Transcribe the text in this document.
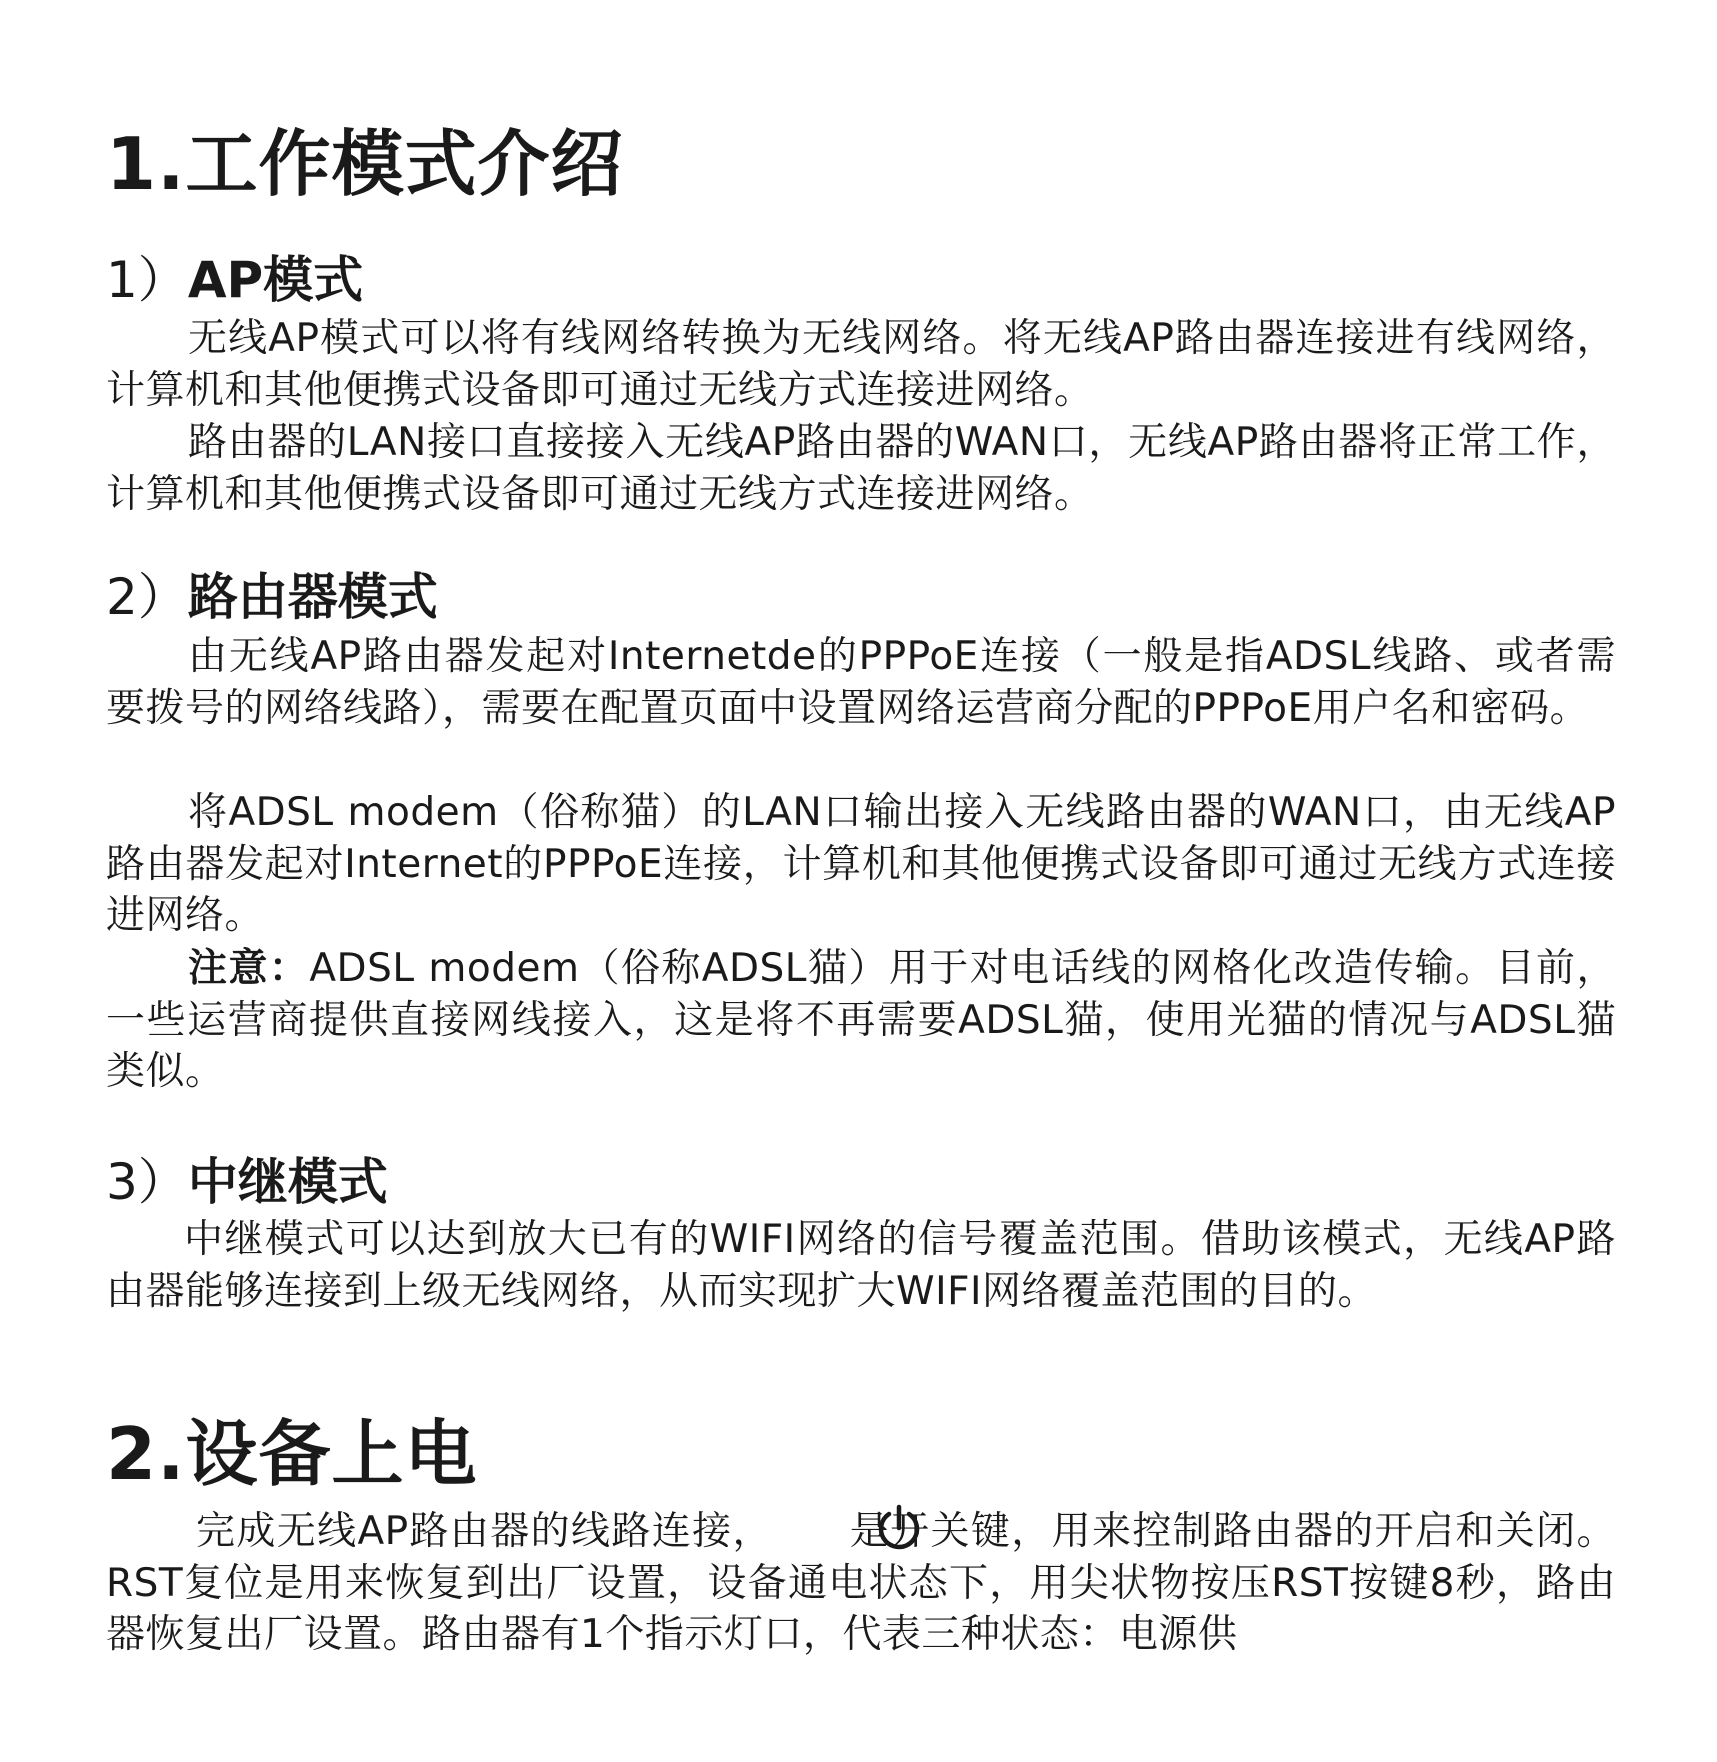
1.工作模式介绍
1）AP模式

无线AP模式可以将有线网络转换为无线网络。将无线AP路由器连接进有线网络，计算机和其他便携式设备即可通过无线方式连接进网络。

路由器的LAN接口直接接入无线AP路由器的WAN口，无线AP路由器将正常工作，计算机和其他便携式设备即可通过无线方式连接进网络。

2）路由器模式

由无线AP路由器发起对Internetde的PPPoE连接（一般是指ADSL线路、或者需要拨号的网络线路），需要在配置页面中设置网络运营商分配的PPPoE用户名和密码。

将ADSL modem（俗称猫）的LAN口输出接入无线路由器的WAN口，由无线AP路由器发起对Internet的PPPoE连接，计算机和其他便携式设备即可通过无线方式连接进网络。

注意：ADSL modem（俗称ADSL猫）用于对电话线的网格化改造传输。目前，一些运营商提供直接网线接入，这是将不再需要ADSL猫，使用光猫的情况与ADSL猫类似。

3）中继模式

中继模式可以达到放大已有的WIFI网络的信号覆盖范围。借助该模式，无线AP路由器能够连接到上级无线网络，从而实现扩大WIFI网络覆盖范围的目的。

2.设备上电

完成无线AP路由器的线路连接， 是开关键，用来控制路由器的开启和关闭。RST复位是用来恢复到出厂设置，设备通电状态下，用尖状物按压RST按键8秒，路由器恢复出厂设置。路由器有1个指示灯口，代表三种状态：电源供
